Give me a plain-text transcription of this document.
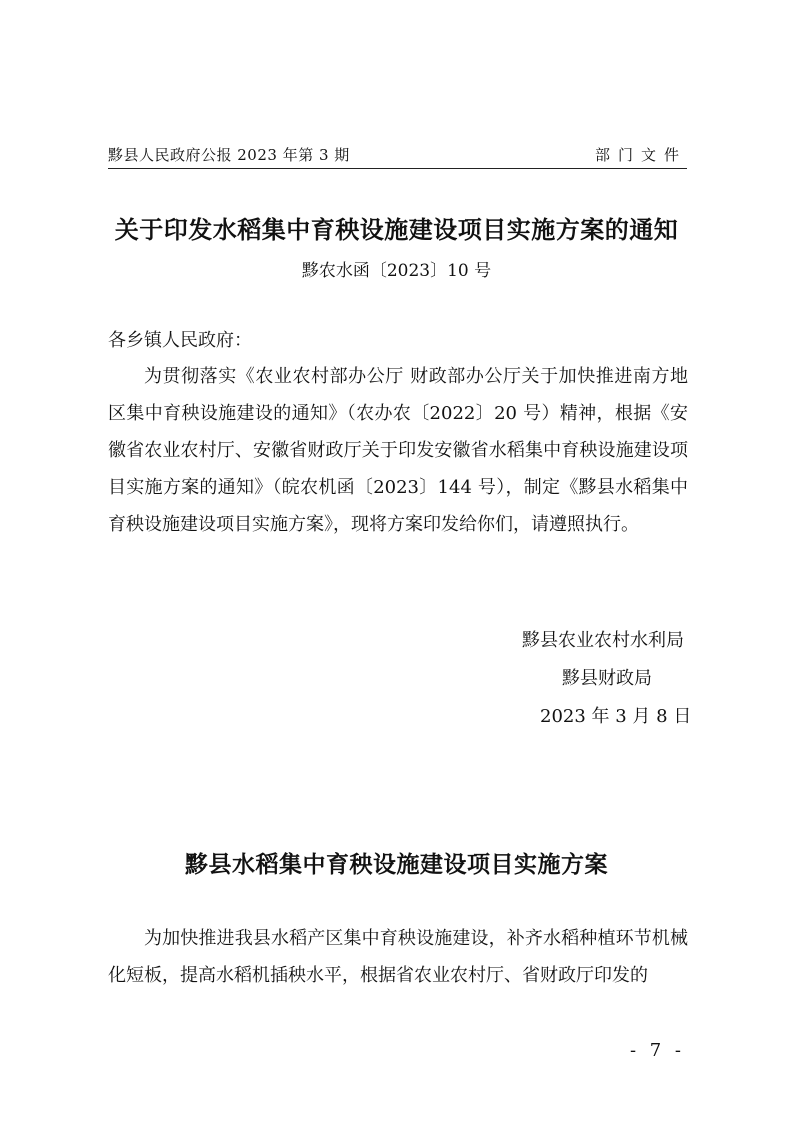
黟县人民政府公报 2023 年第 3 期	部门文件
关于印发水稻集中育秧设施建设项目实施方案的通知
黟农水函〔2023〕10 号
各乡镇人民政府：

为贯彻落实《农业农村部办公厅 财政部办公厅关于加快推进南方地区集中育秧设施建设的通知》（农办农〔2022〕20 号）精神，根据《安徽省农业农村厅、安徽省财政厅关于印发安徽省水稻集中育秧设施建设项目实施方案的通知》（皖农机函〔2023〕144 号），制定《黟县水稻集中育秧设施建设项目实施方案》，现将方案印发给你们，请遵照执行。

黟县农业农村水利局
黟县财政局
2023 年 3 月 8 日
黟县水稻集中育秧设施建设项目实施方案

为加快推进我县水稻产区集中育秧设施建设，补齐水稻种植环节机械化短板，提高水稻机插秧水平，根据省农业农村厅、省财政厅印发的

- 7 -
